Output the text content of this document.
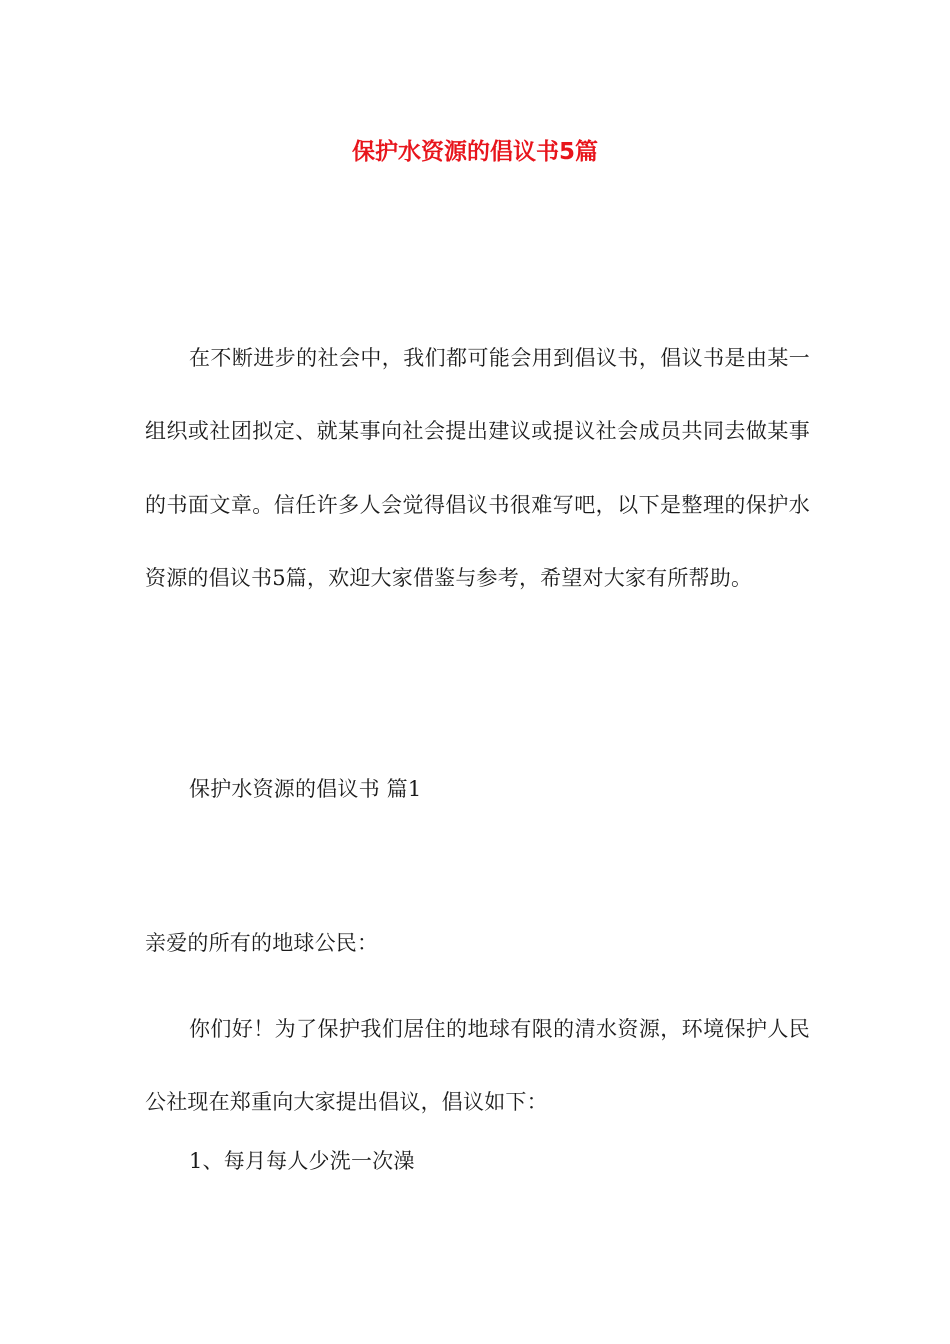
保护水资源的倡议书5篇

在不断进步的社会中，我们都可能会用到倡议书，倡议书是由某一组织或社团拟定、就某事向社会提出建议或提议社会成员共同去做某事的书面文章。信任许多人会觉得倡议书很难写吧，以下是整理的保护水资源的倡议书5篇，欢迎大家借鉴与参考，希望对大家有所帮助。

保护水资源的倡议书 篇1

亲爱的所有的地球公民：

你们好！为了保护我们居住的地球有限的清水资源，环境保护人民公社现在郑重向大家提出倡议，倡议如下：

1、每月每人少洗一次澡
